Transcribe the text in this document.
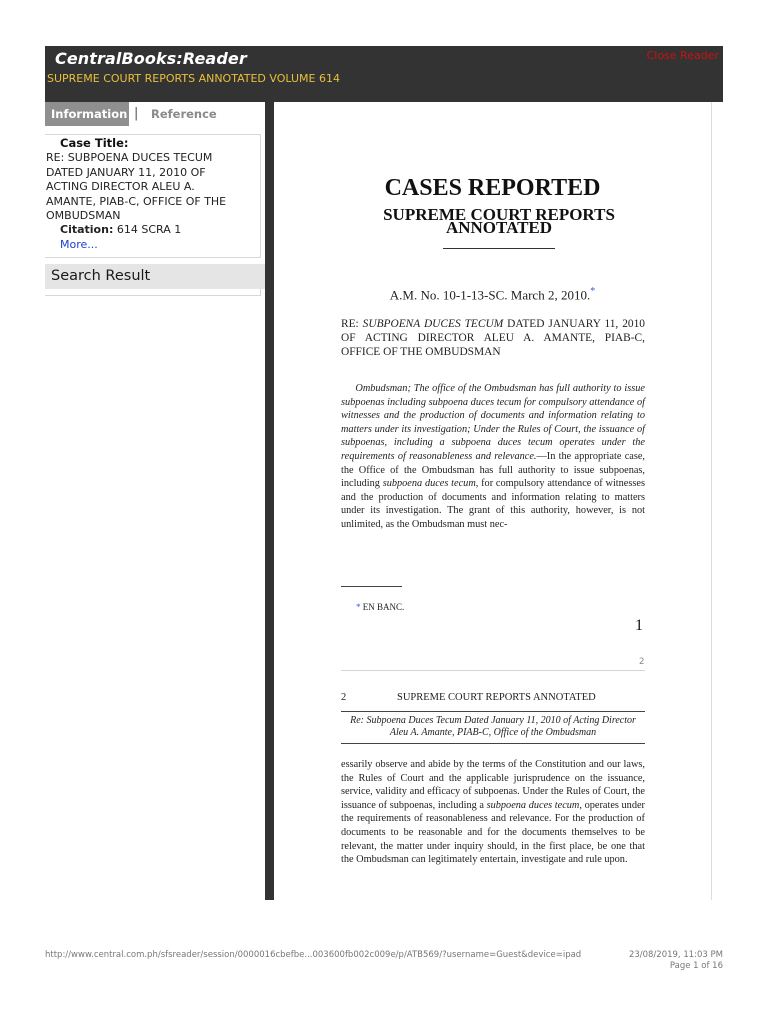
CentralBooks:Reader
SUPREME COURT REPORTS ANNOTATED VOLUME 614
Close Reader
Information | Reference
Case Title:
RE: SUBPOENA DUCES TECUM
DATED JANUARY 11, 2010 OF
ACTING DIRECTOR ALEU A.
AMANTE, PIAB-C, OFFICE OF THE
OMBUDSMAN
Citation: 614 SCRA 1
More...
Search Result
CASES REPORTED
SUPREME COURT REPORTS ANNOTATED
A.M. No. 10-1-13-SC. March 2, 2010.*
RE: SUBPOENA DUCES TECUM DATED JANUARY 11, 2010 OF ACTING DIRECTOR ALEU A. AMANTE, PIAB-C, OFFICE OF THE OMBUDSMAN
Ombudsman; The office of the Ombudsman has full authority to issue subpoenas including subpoena duces tecum for compulsory attendance of witnesses and the production of documents and information relating to matters under its investigation; Under the Rules of Court, the issuance of subpoenas, including a subpoena duces tecum operates under the requirements of reasonableness and relevance.—In the appropriate case, the Office of the Ombudsman has full authority to issue subpoenas, including subpoena duces tecum, for compulsory attendance of witnesses and the production of documents and information relating to matters under its investigation. The grant of this authority, however, is not unlimited, as the Ombudsman must nec-
* EN BANC.
1
2
2	SUPREME COURT REPORTS ANNOTATED
Re: Subpoena Duces Tecum Dated January 11, 2010 of Acting Director Aleu A. Amante, PIAB-C, Office of the Ombudsman
essarily observe and abide by the terms of the Constitution and our laws, the Rules of Court and the applicable jurisprudence on the issuance, service, validity and efficacy of subpoenas. Under the Rules of Court, the issuance of subpoenas, including a subpoena duces tecum, operates under the requirements of reasonableness and relevance. For the production of documents to be reasonable and for the documents themselves to be relevant, the matter under inquiry should, in the first place, be one that the Ombudsman can legitimately entertain, investigate and rule upon.
http://www.central.com.ph/sfsreader/session/0000016cbefbe...003600fb002c009e/p/ATB569/?username=Guest&device=ipad	23/08/2019, 11:03 PM
Page 1 of 16
